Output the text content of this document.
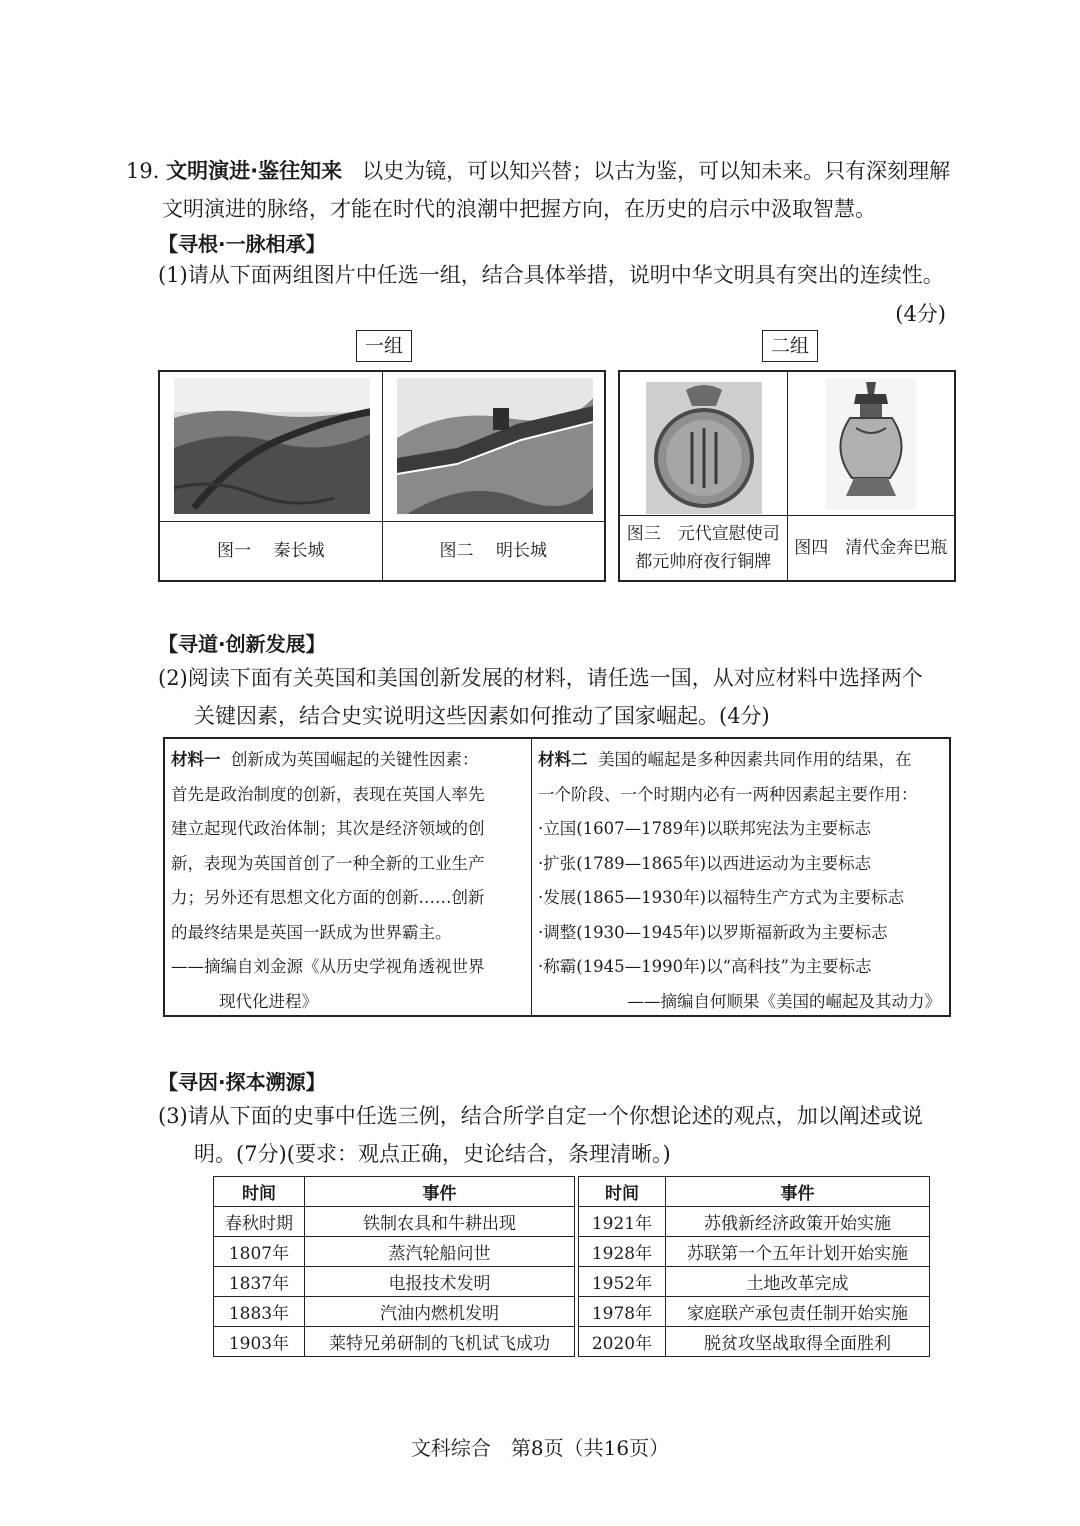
19. 文明演进·鉴往知来 以史为镜，可以知兴替；以古为鉴，可以知未来。只有深刻理解
文明演进的脉络，才能在时代的浪潮中把握方向，在历史的启示中汲取智慧。
【寻根·一脉相承】
(1)请从下面两组图片中任选一组，结合具体举措，说明中华文明具有突出的连续性。
(4分)
一组	二组
图一　 秦长城	图二　 明长城
图三　元代宣慰使司
都元帅府夜行铜牌
图四　清代金奔巴瓶
【寻道·创新发展】
(2)阅读下面有关英国和美国创新发展的材料，请任选一国，从对应材料中选择两个
关键因素，结合史实说明这些因素如何推动了国家崛起。(4分)
材料一 创新成为英国崛起的关键性因素：
首先是政治制度的创新，表现在英国人率先
建立起现代政治体制；其次是经济领域的创
新，表现为英国首创了一种全新的工业生产
力；另外还有思想文化方面的创新……创新
的最终结果是英国一跃成为世界霸主。
——摘编自刘金源《从历史学视角透视世界
现代化进程》
材料二 美国的崛起是多种因素共同作用的结果，在
一个阶段、一个时期内必有一两种因素起主要作用：
·立国(1607—1789年)以联邦宪法为主要标志
·扩张(1789—1865年)以西进运动为主要标志
·发展(1865—1930年)以福特生产方式为主要标志
·调整(1930—1945年)以罗斯福新政为主要标志
·称霸(1945—1990年)以“高科技”为主要标志
——摘编自何顺果《美国的崛起及其动力》
【寻因·探本溯源】
(3)请从下面的史事中任选三例，结合所学自定一个你想论述的观点，加以阐述或说
明。(7分)(要求：观点正确，史论结合，条理清晰。)
时间	事件
春秋时期	铁制农具和牛耕出现
1807年	蒸汽轮船问世
1837年	电报技术发明
1883年	汽油内燃机发明
1903年	莱特兄弟研制的飞机试飞成功
时间	事件
1921年	苏俄新经济政策开始实施
1928年	苏联第一个五年计划开始实施
1952年	土地改革完成
1978年	家庭联产承包责任制开始实施
2020年	脱贫攻坚战取得全面胜利
文科综合　第8页（共16页）
